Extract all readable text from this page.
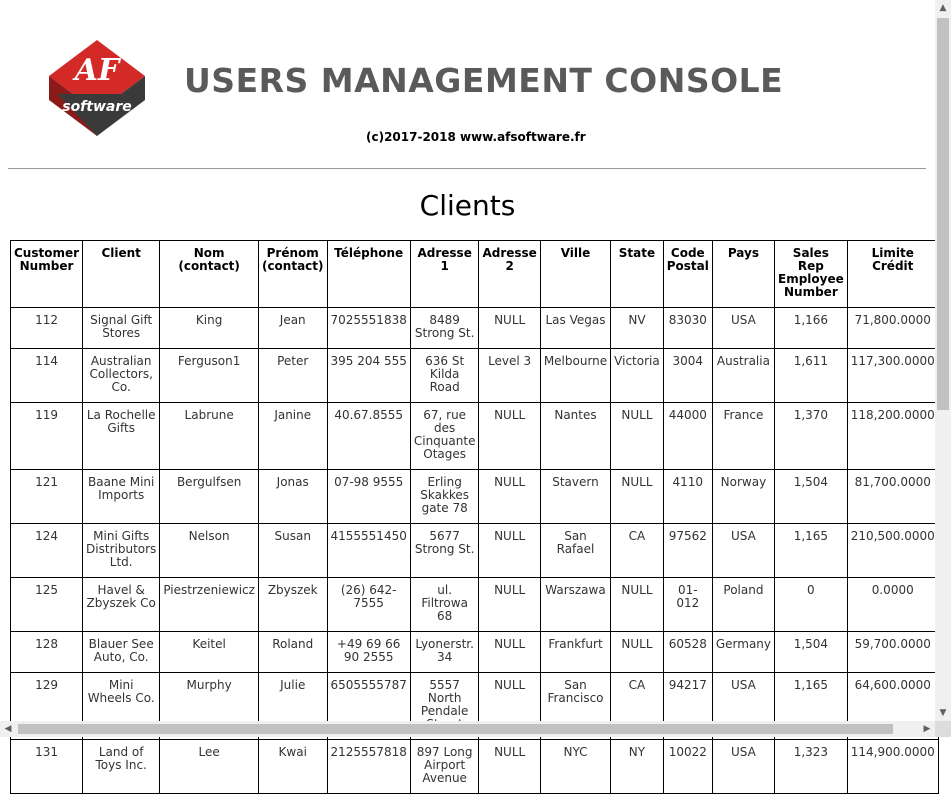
AF
software
USERS MANAGEMENT CONSOLE
(c)2017-2018 www.afsoftware.fr
Clients
Customer Number	Client	Nom (contact)	Prénom (contact)	Téléphone	Adresse 1	Adresse 2	Ville	State	Code Postal	Pays	Sales Rep Employee Number	Limite Crédit
112	Signal Gift Stores	King	Jean	7025551838	8489 Strong St.	NULL	Las Vegas	NV	83030	USA	1,166	71,800.0000
114	Australian Collectors, Co.	Ferguson1	Peter	395 204 555	636 St Kilda Road	Level 3	Melbourne	Victoria	3004	Australia	1,611	117,300.0000
119	La Rochelle Gifts	Labrune	Janine	40.67.8555	67, rue des Cinquante Otages	NULL	Nantes	NULL	44000	France	1,370	118,200.0000
121	Baane Mini Imports	Bergulfsen	Jonas	07-98 9555	Erling Skakkes gate 78	NULL	Stavern	NULL	4110	Norway	1,504	81,700.0000
124	Mini Gifts Distributors Ltd.	Nelson	Susan	4155551450	5677 Strong St.	NULL	San Rafael	CA	97562	USA	1,165	210,500.0000
125	Havel & Zbyszek Co	Piestrzeniewicz	Zbyszek	(26) 642-7555	ul. Filtrowa 68	NULL	Warszawa	NULL	01-012	Poland	0	0.0000
128	Blauer See Auto, Co.	Keitel	Roland	+49 69 66 90 2555	Lyonerstr. 34	NULL	Frankfurt	NULL	60528	Germany	1,504	59,700.0000
129	Mini Wheels Co.	Murphy	Julie	6505555787	5557 North Pendale	NULL	San Francisco	CA	94217	USA	1,165	64,600.0000
131	Land of Toys Inc.	Lee	Kwai	2125557818	897 Long Airport Avenue	NULL	NYC	NY	10022	USA	1,323	114,900.0000
▲
▼
◀	▶
